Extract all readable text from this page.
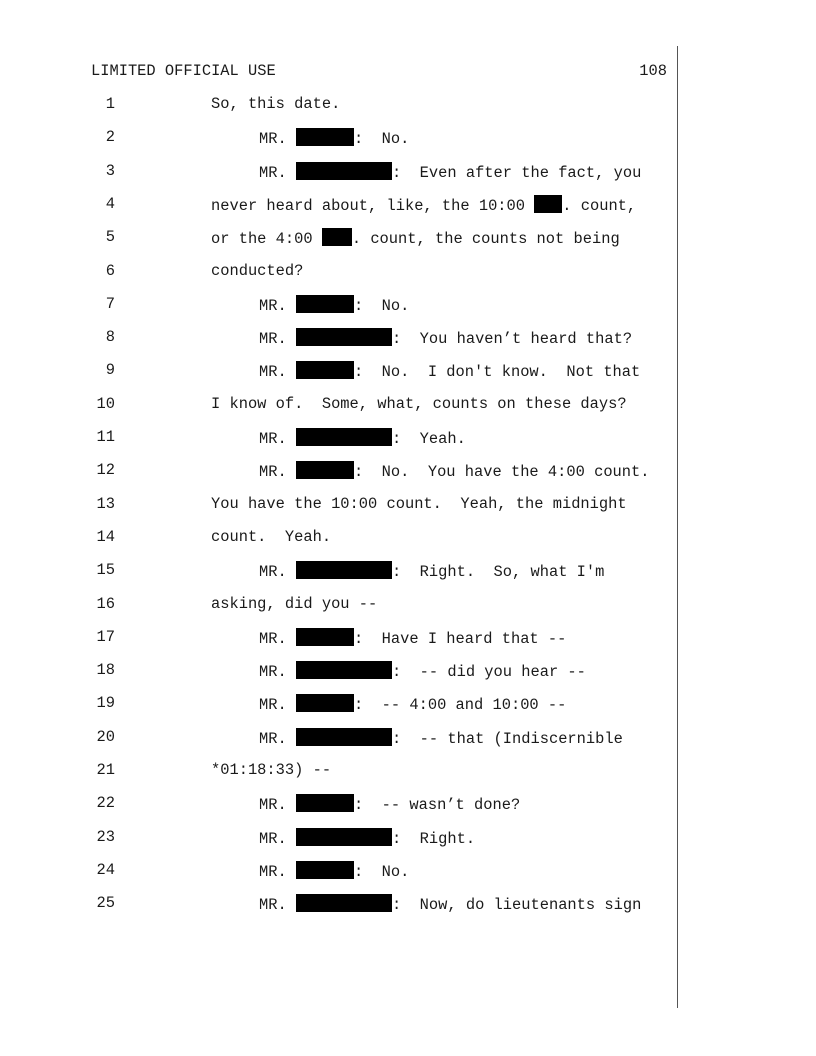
LIMITED OFFICIAL USE	108
1	So, this date.
2	MR.	:  No.
3	MR.	:  Even after the fact, you
4	never heard about, like, the 10:00 . count,
5	or the 4:00 . count, the counts not being
6	conducted?
7	MR.	:  No.
8	MR.	:  You haven’t heard that?
9	MR.	:  No.  I don't know.  Not that
10	I know of.  Some, what, counts on these days?
11	MR.	:  Yeah.
12	MR.	:  No.  You have the 4:00 count.
13	You have the 10:00 count.  Yeah, the midnight
14	count.  Yeah.
15	MR.	:  Right.  So, what I'm
16	asking, did you --
17	MR.	:  Have I heard that --
18	MR.	:  -- did you hear --
19	MR.	:  -- 4:00 and 10:00 --
20	MR.	:  -- that (Indiscernible
21	*01:18:33) --
22	MR.	:  -- wasn’t done?
23	MR.	:  Right.
24	MR.	:  No.
25	MR.	:  Now, do lieutenants sign
